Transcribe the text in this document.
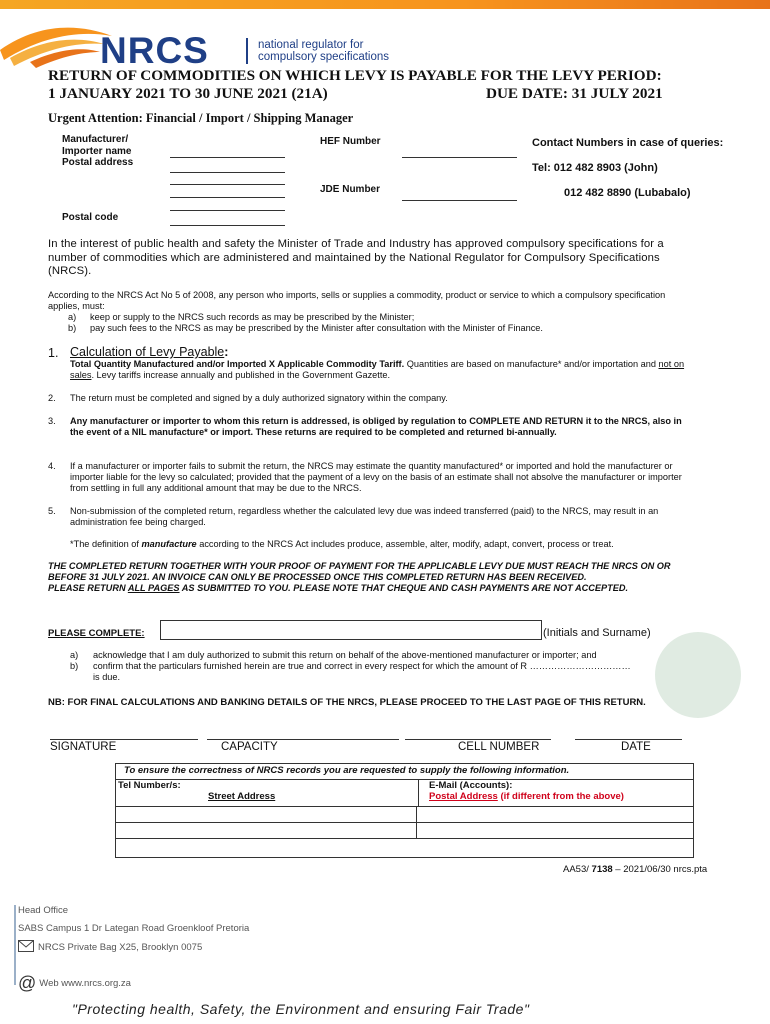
NRCS	national regulator for
compulsory specifications
RETURN OF COMMODITIES ON WHICH LEVY IS PAYABLE FOR THE LEVY PERIOD:
1 JANUARY 2021 TO 30 JUNE 2021 (21A)	DUE DATE: 31 JULY 2021
Urgent Attention: Financial / Import / Shipping Manager
Manufacturer/
Importer name
Postal address
Postal code
HEF Number
JDE Number
Contact Numbers in case of queries:
Tel: 012 482 8903 (John)
012 482 8890 (Lubabalo)
In the interest of public health and safety the Minister of Trade and Industry has approved compulsory specifications for a number of commodities which are administered and maintained by the National Regulator for Compulsory Specifications (NRCS).
According to the NRCS Act No 5 of 2008, any person who imports, sells or supplies a commodity, product or service to which a compulsory specification applies, must:
a)	keep or supply to the NRCS such records as may be prescribed by the Minister;
b)	pay such fees to the NRCS as may be prescribed by the Minister after consultation with the Minister of Finance.
1. Calculation of Levy Payable:
Total Quantity Manufactured and/or Imported X Applicable Commodity Tariff. Quantities are based on manufacture* and/or importation and not on sales. Levy tariffs increase annually and published in the Government Gazette.
2. The return must be completed and signed by a duly authorized signatory within the company.
3. Any manufacturer or importer to whom this return is addressed, is obliged by regulation to COMPLETE AND RETURN it to the NRCS, also in the event of a NIL manufacture* or import. These returns are required to be completed and returned bi-annually.
4. If a manufacturer or importer fails to submit the return, the NRCS may estimate the quantity manufactured* or imported and hold the manufacturer or importer liable for the levy so calculated; provided that the payment of a levy on the basis of an estimate shall not absolve the manufacturer or importer from settling in full any additional amount that may be due to the NRCS.
5. Non-submission of the completed return, regardless whether the calculated levy due was indeed transferred (paid) to the NRCS, may result in an administration fee being charged.
*The definition of manufacture according to the NRCS Act includes produce, assemble, alter, modify, adapt, convert, process or treat.
THE COMPLETED RETURN TOGETHER WITH YOUR PROOF OF PAYMENT FOR THE APPLICABLE LEVY DUE MUST REACH THE NRCS ON OR BEFORE 31 JULY 2021. AN INVOICE CAN ONLY BE PROCESSED ONCE THIS COMPLETED RETURN HAS BEEN RECEIVED.
PLEASE RETURN ALL PAGES AS SUBMITTED TO YOU. PLEASE NOTE THAT CHEQUE AND CASH PAYMENTS ARE NOT ACCEPTED.
PLEASE COMPLETE:	(Initials and Surname)
a)	acknowledge that I am duly authorized to submit this return on behalf of the above-mentioned manufacturer or importer; and
b)	confirm that the particulars furnished herein are true and correct in every respect for which the amount of R ……………………………
is due.
NB: FOR FINAL CALCULATIONS AND BANKING DETAILS OF THE NRCS, PLEASE PROCEED TO THE LAST PAGE OF THIS RETURN.
SIGNATURE	CAPACITY	CELL NUMBER	DATE
To ensure the correctness of NRCS records you are requested to supply the following information.
Tel Number/s:
Street Address
E-Mail (Accounts):
Postal Address (if different from the above)
AA53/ 7138 – 2021/06/30 nrcs.pta
Head Office
SABS Campus 1 Dr Lategan Road Groenkloof Pretoria
NRCS Private Bag X25, Brooklyn 0075
@ Web www.nrcs.org.za
"Protecting health, Safety, the Environment and ensuring Fair Trade"
